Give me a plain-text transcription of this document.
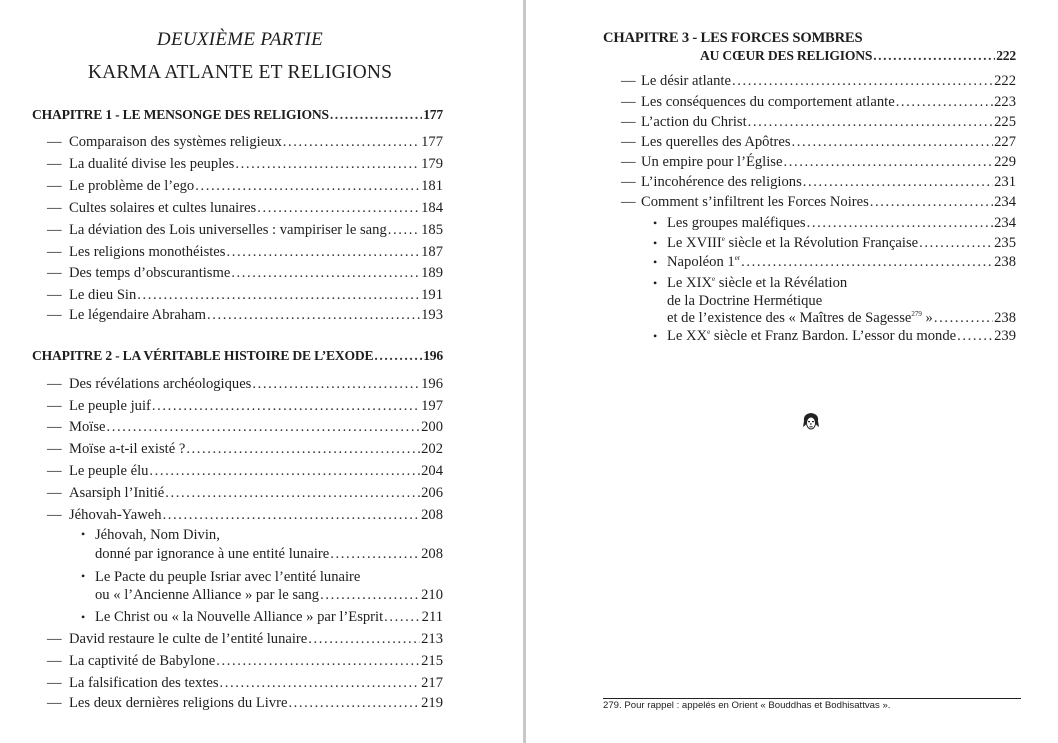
DEUXIÈME PARTIE
KARMA ATLANTE ET RELIGIONS
CHAPITRE 1 - LE MENSONGE DES RELIGIONS .....	177
— Comparaison des systèmes religieux .....	177
— La dualité divise les peuples .....	179
— Le problème de l’ego .....	181
— Cultes solaires et cultes lunaires .....	184
— La déviation des Lois universelles : vampiriser le sang ..... 185
— Les religions monothéistes .....	187
— Des temps d’obscurantisme .....	189
— Le dieu Sin .....	191
— Le légendaire Abraham .....	193
CHAPITRE 2 - LA VÉRITABLE HISTOIRE DE L’EXODE .....	196
— Des révélations archéologiques .....	196
— Le peuple juif .....	197
— Moïse .....	200
— Moïse a-t-il existé ? .....	202
— Le peuple élu .....	204
— Asarsiph l’Initié .....	206
— Jéhovah-Yaweh .....	208
• Jéhovah, Nom Divin,
donné par ignorance à une entité lunaire .....	208
• Le Pacte du peuple Isriar avec l’entité lunaire
ou « l’Ancienne Alliance » par le sang .....	210
• Le Christ ou « la Nouvelle Alliance » par l’Esprit .....	211
— David restaure le culte de l’entité lunaire .....	213
— La captivité de Babylone .....	215
— La falsification des textes .....	217
— Les deux dernières religions du Livre .....	219
CHAPITRE 3 - LES FORCES SOMBRES
AU CŒUR DES RELIGIONS .....	222
— Le désir atlante .....	222
— Les conséquences du comportement atlante .....	223
— L’action du Christ .....	225
— Les querelles des Apôtres .....	227
— Un empire pour l’Église .....	229
— L’incohérence des religions .....	231
— Comment s’infiltrent les Forces Noires .....	234
• Les groupes maléfiques .....	234
• Le XVIIIe siècle et la Révolution Française .....	235
• Napoléon 1er .....	238
• Le XIXe siècle et la Révélation
de la Doctrine Hermétique
et de l’existence des « Maîtres de Sagesse$^{279}$ » .....	238
• Le XXe siècle et Franz Bardon. L’essor du monde .....	239
279. Pour rappel : appelés en Orient « Bouddhas et Bodhisattvas ».
